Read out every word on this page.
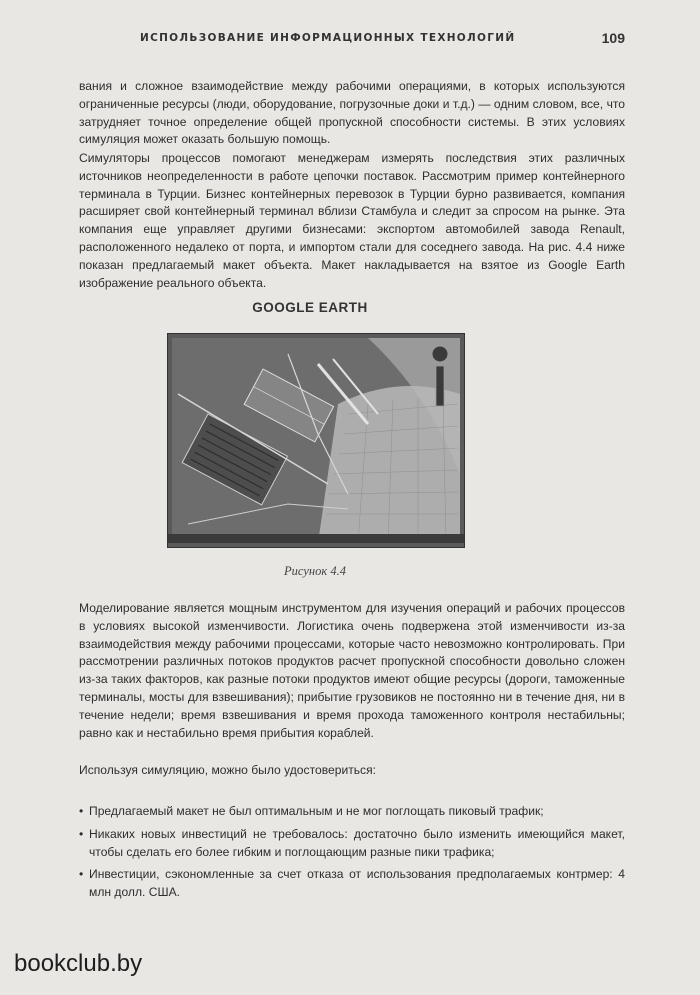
ИСПОЛЬЗОВАНИЕ ИНФОРМАЦИОННЫХ ТЕХНОЛОГИЙ	109

вания и сложное взаимодействие между рабочими операциями, в которых используются ограниченные ресурсы (люди, оборудование, погрузочные доки и т.д.) — одним словом, все, что затрудняет точное определение общей пропускной способности системы. В этих условиях симуляция может оказать большую помощь.

Симуляторы процессов помогают менеджерам измерять последствия этих различных источников неопределенности в работе цепочки поставок. Рассмотрим пример контейнерного терминала в Турции. Бизнес контейнерных перевозок в Турции бурно развивается, компания расширяет свой контейнерный терминал вблизи Стамбула и следит за спросом на рынке. Эта компания еще управляет другими бизнесами: экспортом автомобилей завода Renault, расположенного недалеко от порта, и импортом стали для соседнего завода. На рис. 4.4 ниже показан предлагаемый макет объекта. Макет накладывается на взятое из Google Earth изображение реального объекта.

GOOGLE EARTH
Рисунок 4.4

Моделирование является мощным инструментом для изучения операций и рабочих процессов в условиях высокой изменчивости. Логистика очень подвержена этой изменчивости из-за взаимодействия между рабочими процессами, которые часто невозможно контролировать. При рассмотрении различных потоков продуктов расчет пропускной способности довольно сложен из-за таких факторов, как разные потоки продуктов имеют общие ресурсы (дороги, таможенные терминалы, мосты для взвешивания); прибытие грузовиков не постоянно ни в течение дня, ни в течение недели; время взвешивания и время прохода таможенного контроля нестабильны; равно как и нестабильно время прибытия кораблей.

Используя симуляцию, можно было удостовериться:

• Предлагаемый макет не был оптимальным и не мог поглощать пиковый трафик;
• Никаких новых инвестиций не требовалось: достаточно было изменить имеющийся макет, чтобы сделать его более гибким и поглощающим разные пики трафика;
• Инвестиции, сэкономленные за счет отказа от использования предполагаемых контрмер: 4 млн долл. США.
bookclub.by
